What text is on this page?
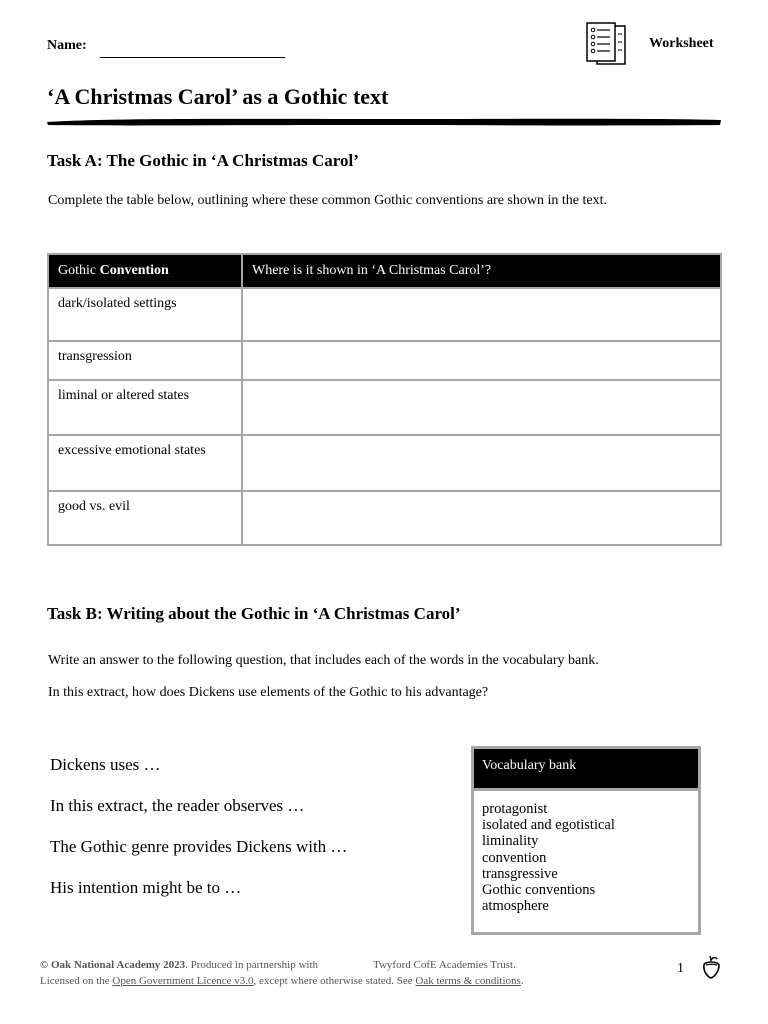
Name:	Worksheet
‘A Christmas Carol’ as a Gothic text
Task A: The Gothic in ‘A Christmas Carol’

Complete the table below, outlining where these common Gothic conventions are shown in the text.

Gothic Convention	Where is it shown in ‘A Christmas Carol’?
dark/isolated settings	
transgression	
liminal or altered states	
excessive emotional states	
good vs. evil	
Task B: Writing about the Gothic in ‘A Christmas Carol’

Write an answer to the following question, that includes each of the words in the vocabulary bank.

In this extract, how does Dickens use elements of the Gothic to his advantage?

Dickens uses …
In this extract, the reader observes …
The Gothic genre provides Dickens with …
His intention might be to …
Vocabulary bank
protagonist
isolated and egotistical
liminality
convention
transgressive
Gothic conventions
atmosphere
© Oak National Academy 2023. Produced in partnership with	Twyford CofE Academies Trust.
Licensed on the Open Government Licence v3.0, except where otherwise stated. See Oak terms & conditions.
1
